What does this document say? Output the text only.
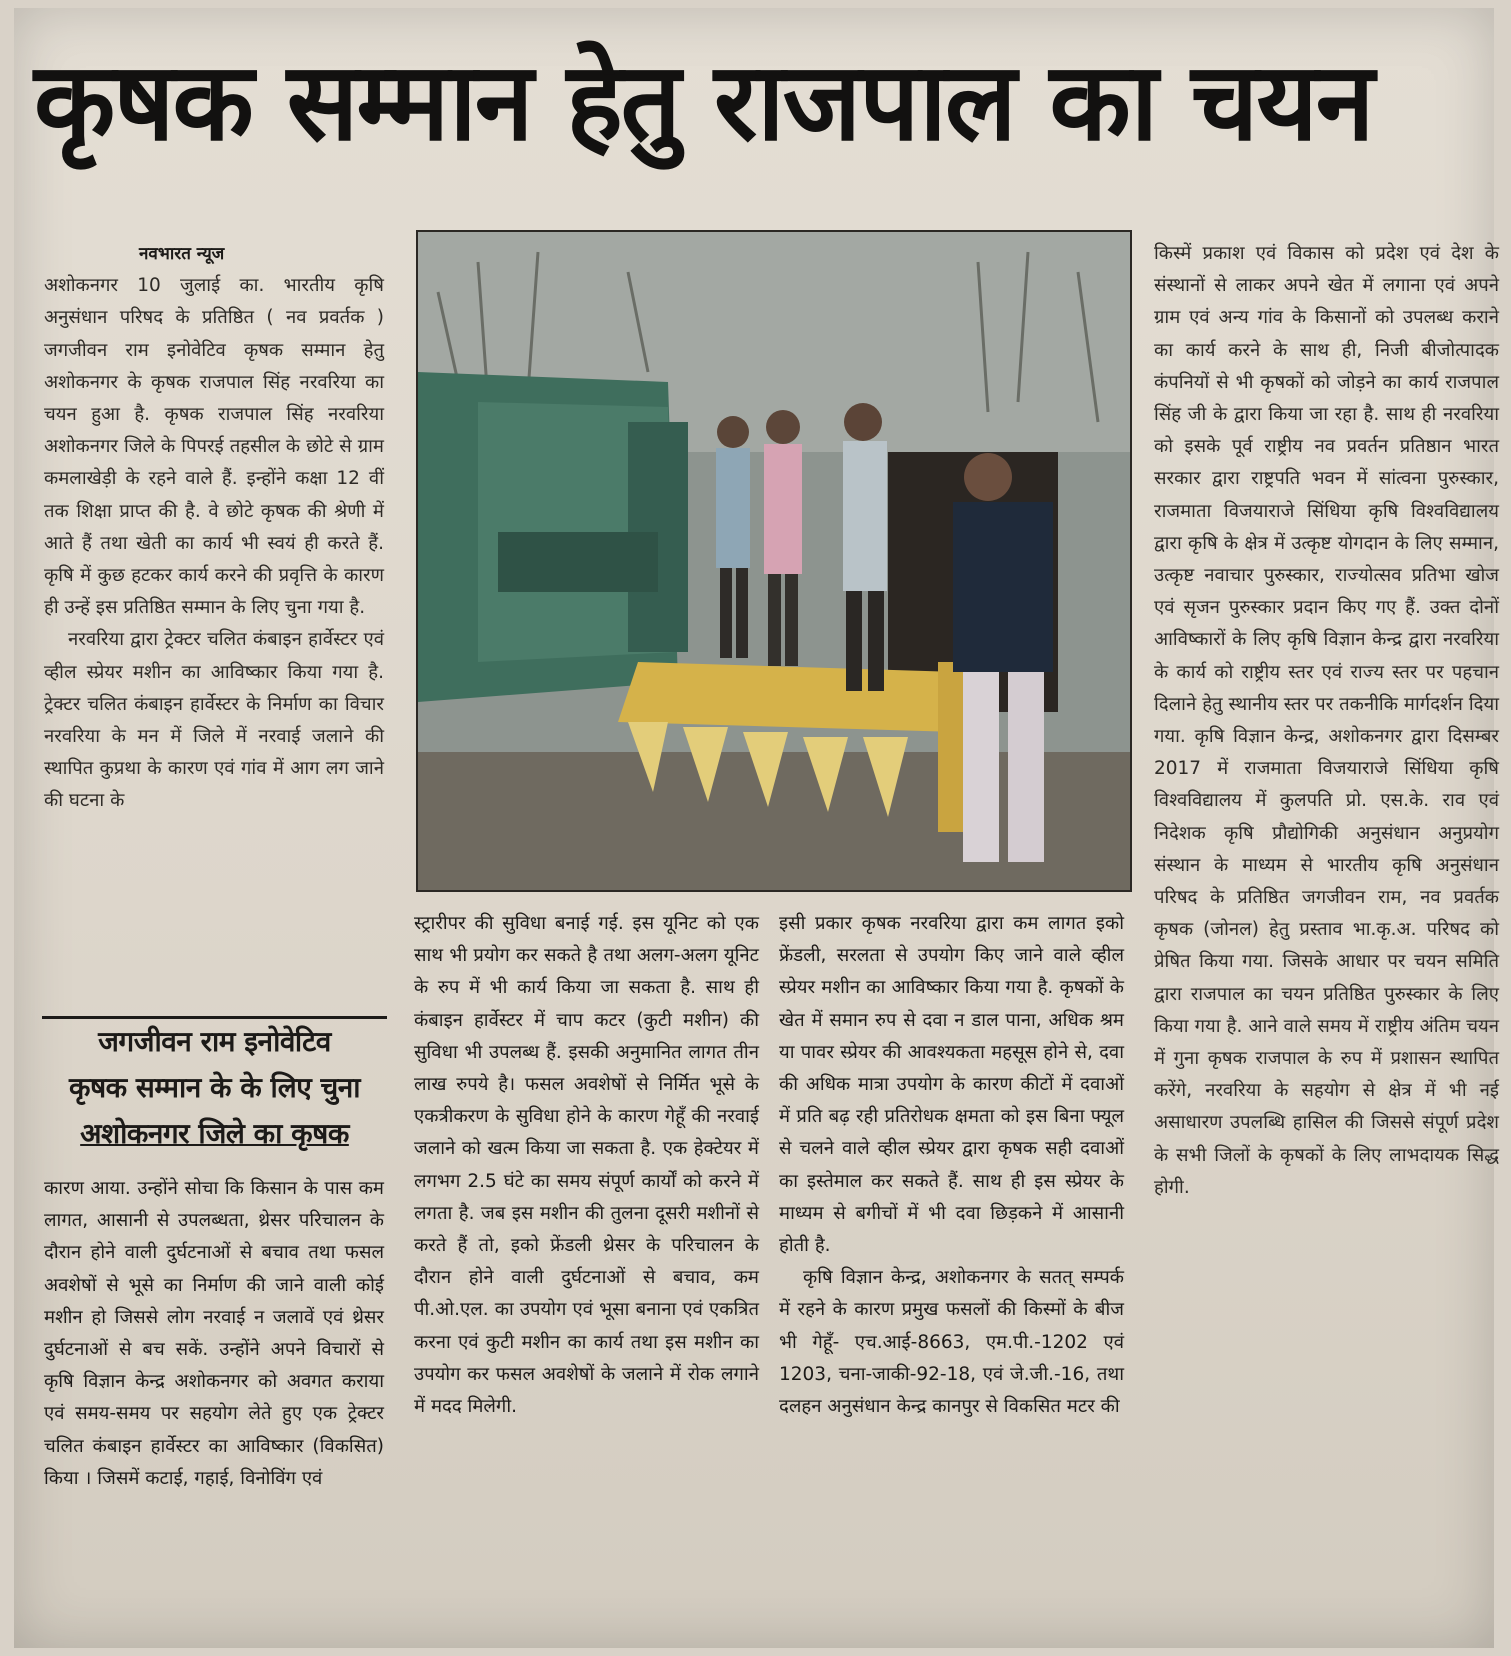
कृषक सम्मान हेतु राजपाल का चयन
नवभारत न्यूज

अशोकनगर 10 जुलाई का. भारतीय कृषि अनुसंधान परिषद के प्रतिष्ठित ( नव प्रवर्तक ) जगजीवन राम इनोवेटिव कृषक सम्मान हेतु अशोकनगर के कृषक राजपाल सिंह नरवरिया का चयन हुआ है. कृषक राजपाल सिंह नरवरिया अशोकनगर जिले के पिपरई तहसील के छोटे से ग्राम कमलाखेड़ी के रहने वाले हैं. इन्होंने कक्षा 12 वीं तक शिक्षा प्राप्त की है. वे छोटे कृषक की श्रेणी में आते हैं तथा खेती का कार्य भी स्वयं ही करते हैं. कृषि में कुछ हटकर कार्य करने की प्रवृत्ति के कारण ही उन्हें इस प्रतिष्ठित सम्मान के लिए चुना गया है.

नरवरिया द्वारा ट्रेक्टर चलित कंबाइन हार्वेस्टर एवं व्हील स्प्रेयर मशीन का आविष्कार किया गया है. ट्रेक्टर चलित कंबाइन हार्वेस्टर के निर्माण का विचार नरवरिया के मन में जिले में नरवाई जलाने की स्थापित कुप्रथा के कारण एवं गांव में आग लग जाने की घटना के

जगजीवन राम इनोवेटिव
कृषक सम्मान के के लिए चुना
अशोकनगर जिले का कृषक

कारण आया. उन्होंने सोचा कि किसान के पास कम लागत, आसानी से उपलब्धता, थ्रेसर परिचालन के दौरान होने वाली दुर्घटनाओं से बचाव तथा फसल अवशेषों से भूसे का निर्माण की जाने वाली कोई मशीन हो जिससे लोग नरवाई न जलावें एवं थ्रेसर दुर्घटनाओं से बच सकें. उन्होंने अपने विचारों से कृषि विज्ञान केन्द्र अशोकनगर को अवगत कराया एवं समय-समय पर सहयोग लेते हुए एक ट्रेक्टर चलित कंबाइन हार्वेस्टर का आविष्कार (विकसित) किया । जिसमें कटाई, गहाई, विनोविंग एवं

स्ट्रारीपर की सुविधा बनाई गई. इस यूनिट को एक साथ भी प्रयोग कर सकते है तथा अलग-अलग यूनिट के रुप में भी कार्य किया जा सकता है. साथ ही कंबाइन हार्वेस्टर में चाप कटर (कुटी मशीन) की सुविधा भी उपलब्ध हैं. इसकी अनुमानित लागत तीन लाख रुपये है। फसल अवशेषों से निर्मित भूसे के एकत्रीकरण के सुविधा होने के कारण गेहूँ की नरवाई जलाने को खत्म किया जा सकता है. एक हेक्टेयर में लगभग 2.5 घंटे का समय संपूर्ण कार्यों को करने में लगता है. जब इस मशीन की तुलना दूसरी मशीनों से करते हैं तो, इको फ्रेंडली थ्रेसर के परिचालन के दौरान होने वाली दुर्घटनाओं से बचाव, कम पी.ओ.एल. का उपयोग एवं भूसा बनाना एवं एकत्रित करना एवं कुटी मशीन का कार्य तथा इस मशीन का उपयोग कर फसल अवशेषों के जलाने में रोक लगाने में मदद मिलेगी.

इसी प्रकार कृषक नरवरिया द्वारा कम लागत इको फ्रेंडली, सरलता से उपयोग किए जाने वाले व्हील स्प्रेयर मशीन का आविष्कार किया गया है. कृषकों के खेत में समान रुप से दवा न डाल पाना, अधिक श्रम या पावर स्प्रेयर की आवश्यकता महसूस होने से, दवा की अधिक मात्रा उपयोग के कारण कीटों में दवाओं में प्रति बढ़ रही प्रतिरोधक क्षमता को इस बिना फ्यूल से चलने वाले व्हील स्प्रेयर द्वारा कृषक सही दवाओं का इस्तेमाल कर सकते हैं. साथ ही इस स्प्रेयर के माध्यम से बगीचों में भी दवा छिड़कने में आसानी होती है.

कृषि विज्ञान केन्द्र, अशोकनगर के सतत् सम्पर्क में रहने के कारण प्रमुख फसलों की किस्मों के बीज भी गेहूँ- एच.आई-8663, एम.पी.-1202 एवं 1203, चना-जाकी-92-18, एवं जे.जी.-16, तथा दलहन अनुसंधान केन्द्र कानपुर से विकसित मटर की

किस्में प्रकाश एवं विकास को प्रदेश एवं देश के संस्थानों से लाकर अपने खेत में लगाना एवं अपने ग्राम एवं अन्य गांव के किसानों को उपलब्ध कराने का कार्य करने के साथ ही, निजी बीजोत्पादक कंपनियों से भी कृषकों को जोड़ने का कार्य राजपाल सिंह जी के द्वारा किया जा रहा है. साथ ही नरवरिया को इसके पूर्व राष्ट्रीय नव प्रवर्तन प्रतिष्ठान भारत सरकार द्वारा राष्ट्रपति भवन में सांत्वना पुरुस्कार, राजमाता विजयाराजे सिंधिया कृषि विश्वविद्यालय द्वारा कृषि के क्षेत्र में उत्कृष्ट योगदान के लिए सम्मान, उत्कृष्ट नवाचार पुरुस्कार, राज्योत्सव प्रतिभा खोज एवं सृजन पुरुस्कार प्रदान किए गए हैं. उक्त दोनों आविष्कारों के लिए कृषि विज्ञान केन्द्र द्वारा नरवरिया के कार्य को राष्ट्रीय स्तर एवं राज्य स्तर पर पहचान दिलाने हेतु स्थानीय स्तर पर तकनीकि मार्गदर्शन दिया गया. कृषि विज्ञान केन्द्र, अशोकनगर द्वारा दिसम्बर 2017 में राजमाता विजयाराजे सिंधिया कृषि विश्वविद्यालय में कुलपति प्रो. एस.के. राव एवं निदेशक कृषि प्रौद्योगिकी अनुसंधान अनुप्रयोग संस्थान के माध्यम से भारतीय कृषि अनुसंधान परिषद के प्रतिष्ठित जगजीवन राम, नव प्रवर्तक कृषक (जोनल) हेतु प्रस्ताव भा.कृ.अ. परिषद को प्रेषित किया गया. जिसके आधार पर चयन समिति द्वारा राजपाल का चयन प्रतिष्ठित पुरुस्कार के लिए किया गया है. आने वाले समय में राष्ट्रीय अंतिम चयन में गुना कृषक राजपाल के रुप में प्रशासन स्थापित करेंगे, नरवरिया के सहयोग से क्षेत्र में भी नई असाधारण उपलब्धि हासिल की जिससे संपूर्ण प्रदेश के सभी जिलों के कृषकों के लिए लाभदायक सिद्ध होगी.
